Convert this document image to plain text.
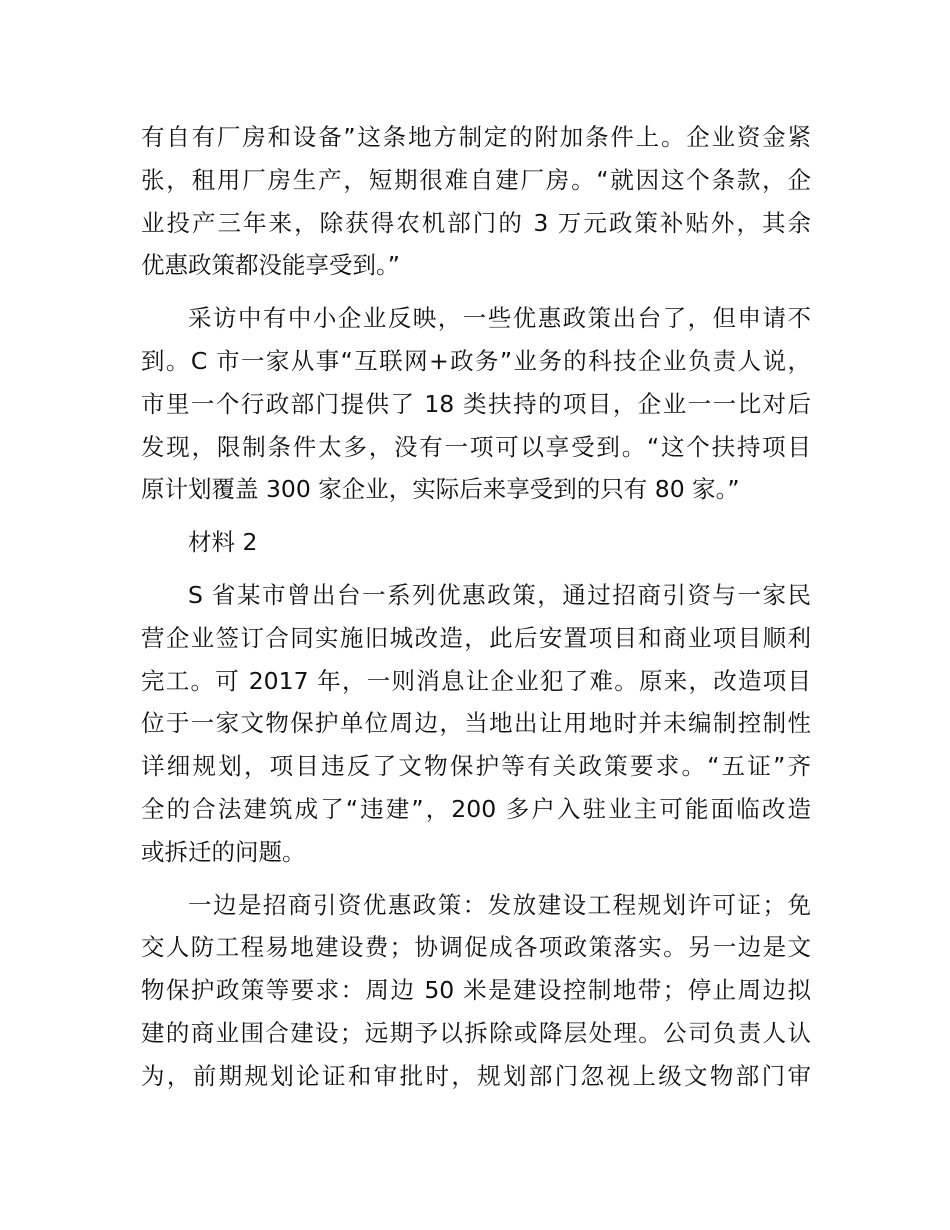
有自有厂房和设备”这条地方制定的附加条件上。企业资金紧
张，租用厂房生产，短期很难自建厂房。“就因这个条款，企
业投产三年来，除获得农机部门的 3 万元政策补贴外，其余
优惠政策都没能享受到。”
采访中有中小企业反映，一些优惠政策出台了，但申请不
到。C 市一家从事“互联网+政务”业务的科技企业负责人说，
市里一个行政部门提供了 18 类扶持的项目，企业一一比对后
发现，限制条件太多，没有一项可以享受到。“这个扶持项目
原计划覆盖 300 家企业，实际后来享受到的只有 80 家。”
材料 2
S 省某市曾出台一系列优惠政策，通过招商引资与一家民
营企业签订合同实施旧城改造，此后安置项目和商业项目顺利
完工。可 2017 年，一则消息让企业犯了难。原来，改造项目
位于一家文物保护单位周边，当地出让用地时并未编制控制性
详细规划，项目违反了文物保护等有关政策要求。“五证”齐
全的合法建筑成了“违建”，200 多户入驻业主可能面临改造
或拆迁的问题。
一边是招商引资优惠政策：发放建设工程规划许可证；免
交人防工程易地建设费；协调促成各项政策落实。另一边是文
物保护政策等要求：周边 50 米是建设控制地带；停止周边拟
建的商业围合建设；远期予以拆除或降层处理。公司负责人认
为，前期规划论证和审批时，规划部门忽视上级文物部门审
